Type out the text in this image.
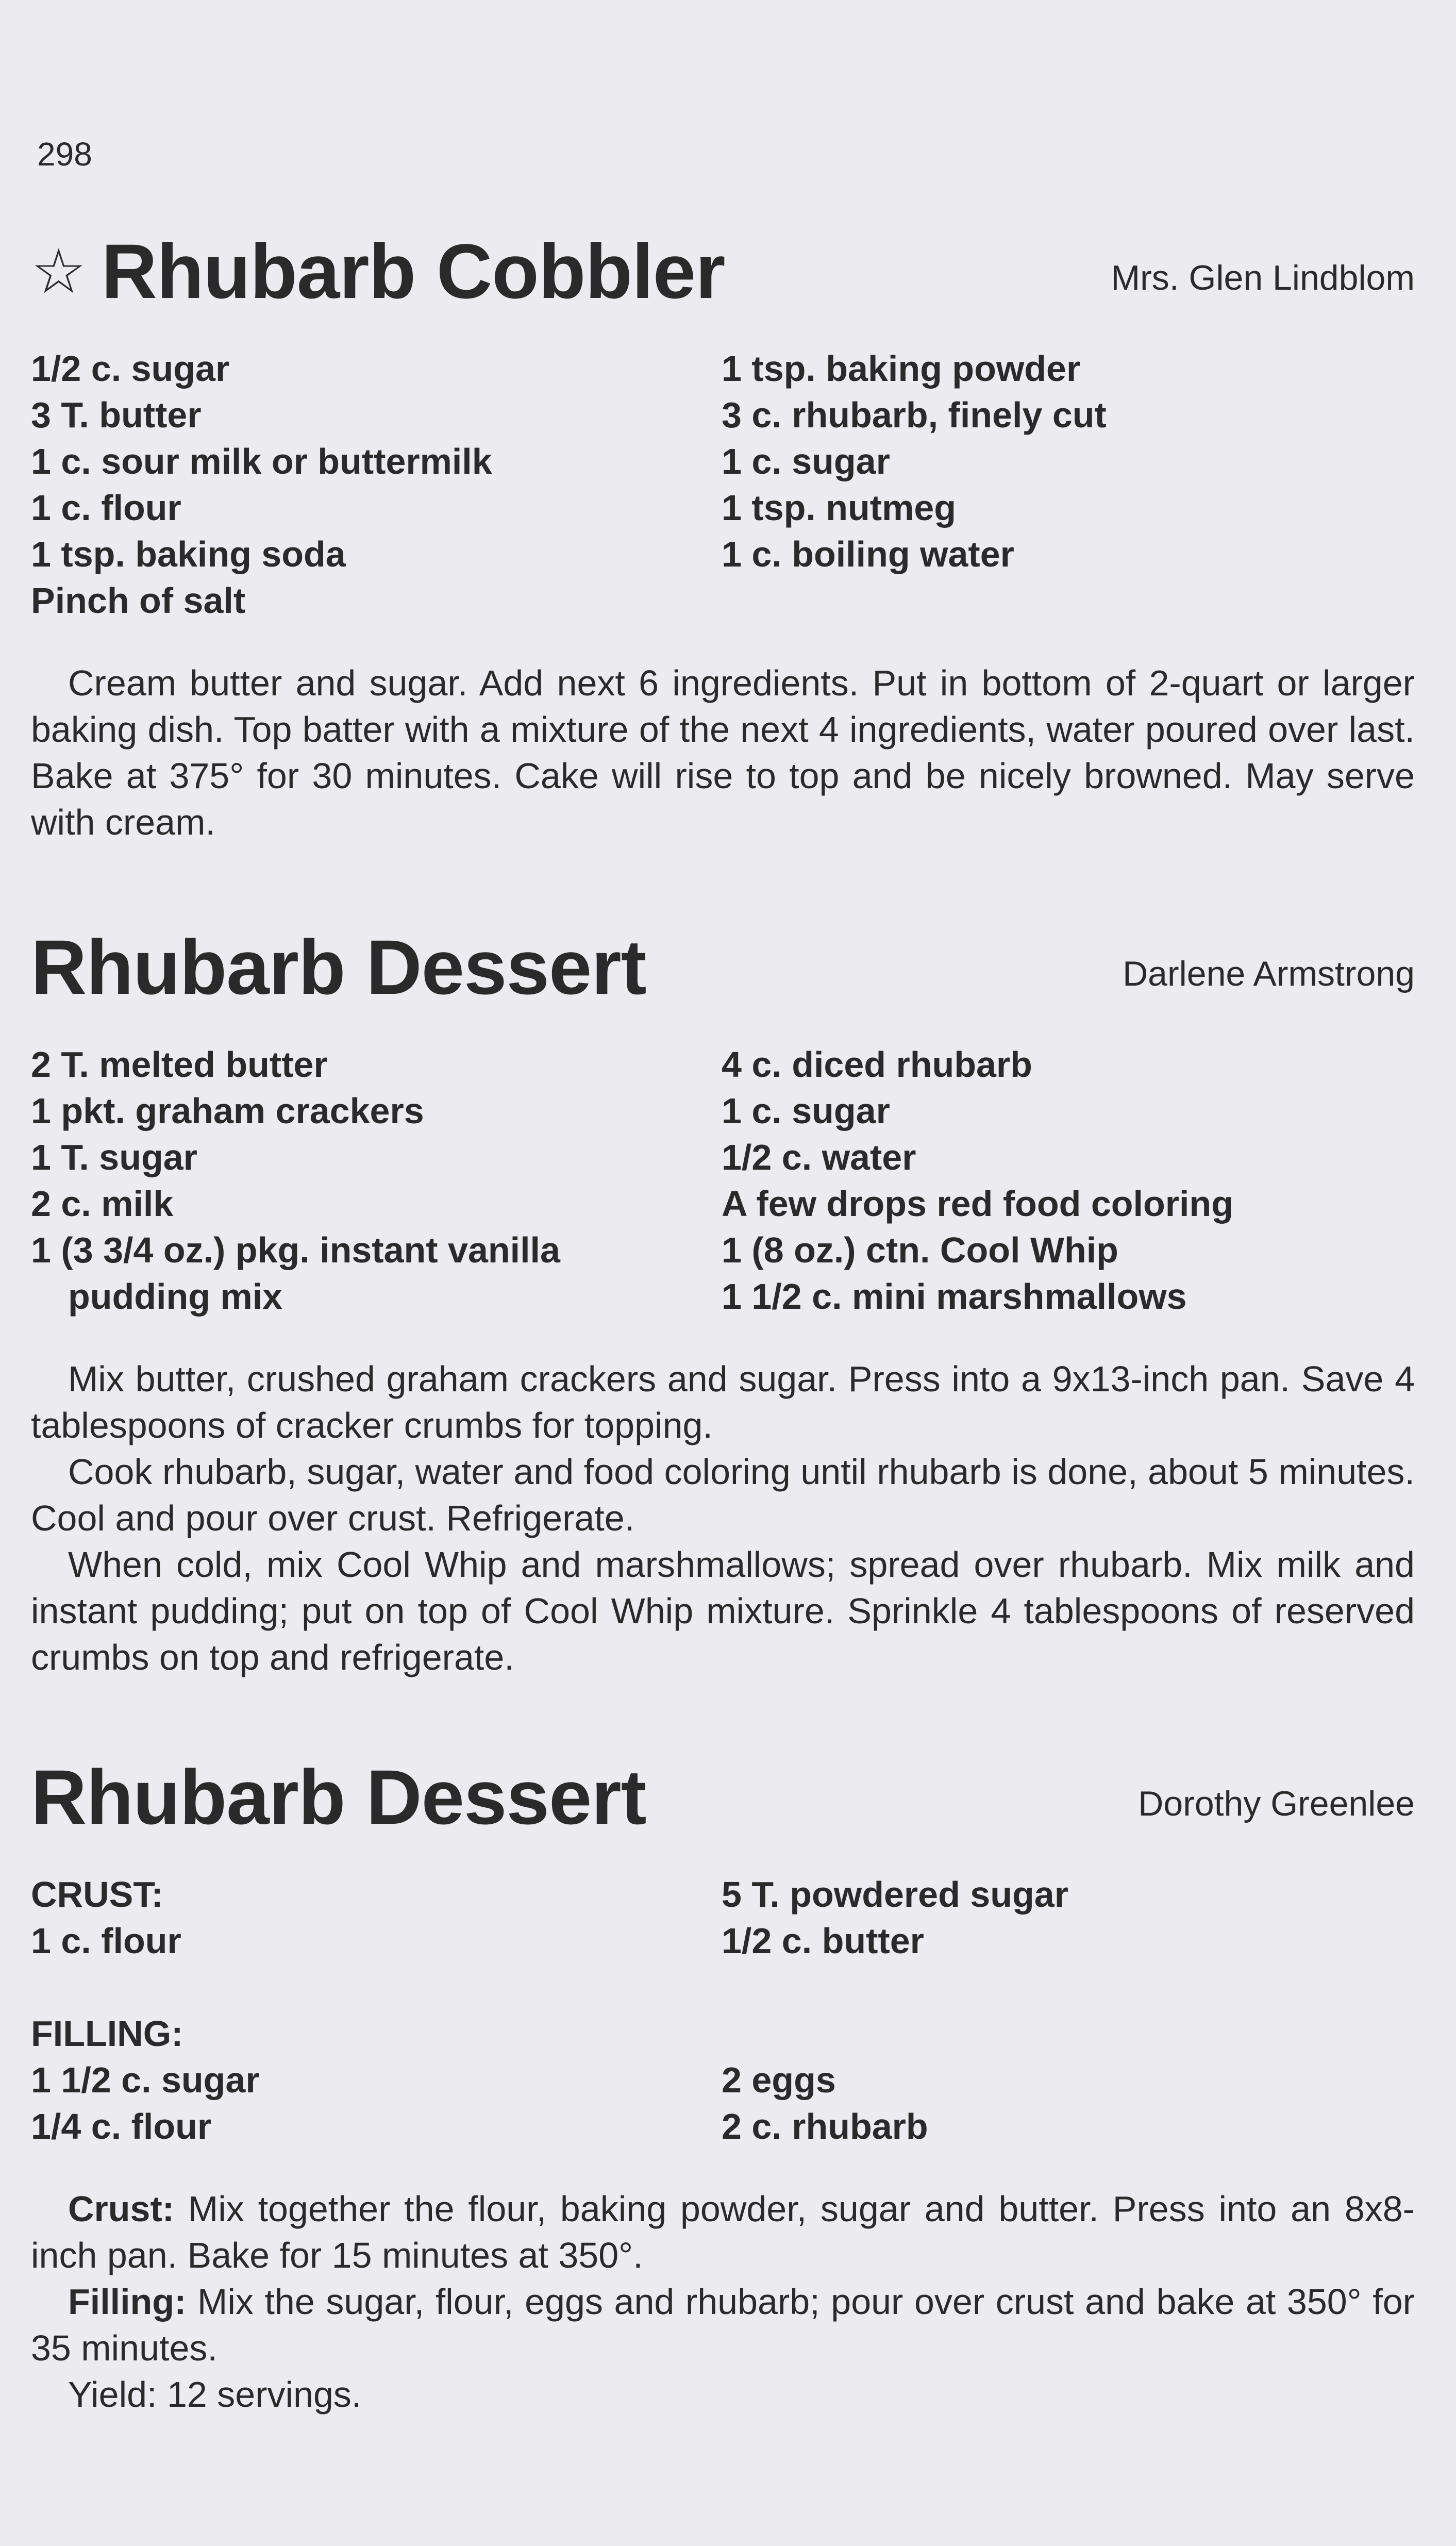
298
☆ Rhubarb Cobbler	Mrs. Glen Lindblom
1/2 c. sugar
3 T. butter
1 c. sour milk or buttermilk
1 c. flour
1 tsp. baking soda
Pinch of salt
1 tsp. baking powder
3 c. rhubarb, finely cut
1 c. sugar
1 tsp. nutmeg
1 c. boiling water

Cream butter and sugar. Add next 6 ingredients. Put in bottom of 2-quart or larger baking dish. Top batter with a mixture of the next 4 ingredients, water poured over last. Bake at 375° for 30 minutes. Cake will rise to top and be nicely browned. May serve with cream.

Rhubarb Dessert	Darlene Armstrong
2 T. melted butter
1 pkt. graham crackers
1 T. sugar
2 c. milk
1 (3 3/4 oz.) pkg. instant vanilla
pudding mix
4 c. diced rhubarb
1 c. sugar
1/2 c. water
A few drops red food coloring
1 (8 oz.) ctn. Cool Whip
1 1/2 c. mini marshmallows

Mix butter, crushed graham crackers and sugar. Press into a 9x13-inch pan. Save 4 tablespoons of cracker crumbs for topping.

Cook rhubarb, sugar, water and food coloring until rhubarb is done, about 5 minutes. Cool and pour over crust. Refrigerate.

When cold, mix Cool Whip and marshmallows; spread over rhubarb. Mix milk and instant pudding; put on top of Cool Whip mixture. Sprinkle 4 tablespoons of reserved crumbs on top and refrigerate.

Rhubarb Dessert	Dorothy Greenlee
CRUST:
1 c. flour
5 T. powdered sugar
1/2 c. butter
FILLING:
1 1/2 c. sugar
1/4 c. flour
2 eggs
2 c. rhubarb

Crust: Mix together the flour, baking powder, sugar and butter. Press into an 8x8-inch pan. Bake for 15 minutes at 350°.

Filling: Mix the sugar, flour, eggs and rhubarb; pour over crust and bake at 350° for 35 minutes.

Yield: 12 servings.
